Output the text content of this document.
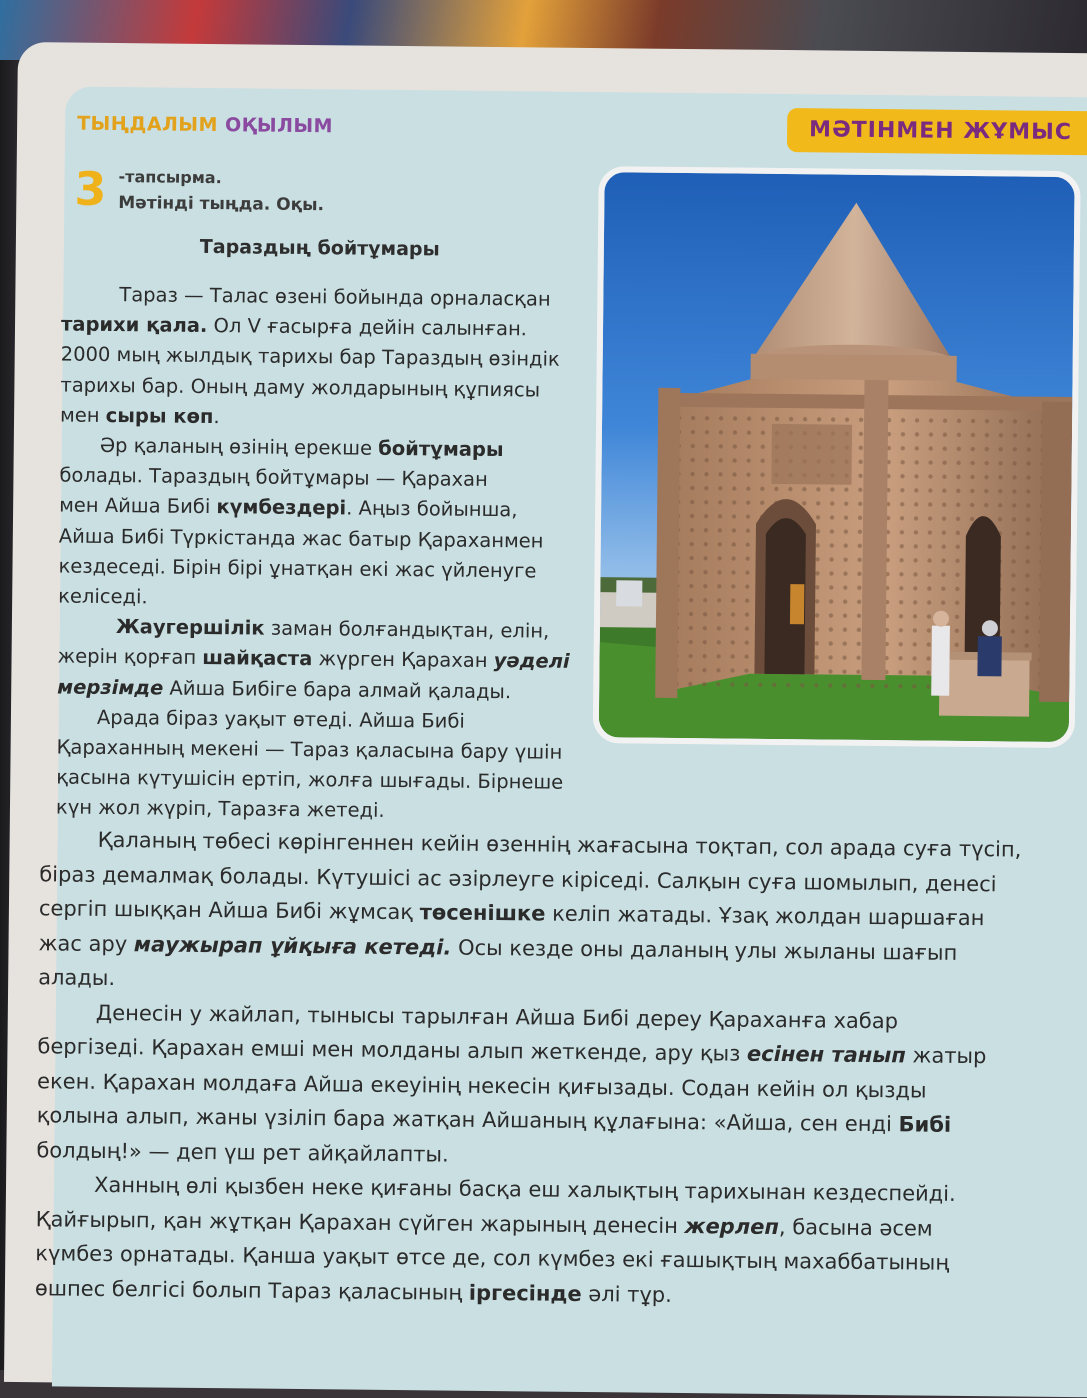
ТЫҢДАЛЫМ ОҚЫЛЫМ	МӘТІНМЕН ЖҰМЫС
3 -тапсырма.
Мәтінді тыңда. Оқы.
Тараздың бойтұмары
Тараз — Талас өзені бойында орналасқан
тарихи қала. Ол V ғасырға дейін салынған.
2000 мың жылдық тарихы бар Тараздың өзіндік
тарихы бар. Оның даму жолдарының құпиясы
мен сыры көп.
Әр қаланың өзінің ерекше бойтұмары
болады. Тараздың бойтұмары — Қарахан
мен Айша Бибі күмбездері. Аңыз бойынша,
Айша Бибі Түркістанда жас батыр Қараханмен
кездеседі. Бірін бірі ұнатқан екі жас үйленуге
келіседі.
Жаугершілік заман болғандықтан, елін,
жерін қорғап шайқаста жүрген Қарахан уәделі
мерзімде Айша Бибіге бара алмай қалады.
Арада біраз уақыт өтеді. Айша Бибі
Қараханның мекені — Тараз қаласына бару үшін
қасына күтушісін ертіп, жолға шығады. Бірнеше
күн жол жүріп, Таразға жетеді.
Қаланың төбесі көрінгеннен кейін өзеннің жағасына тоқтап, сол арада суға түсіп,
біраз демалмақ болады. Күтушісі ас әзірлеуге кіріседі. Салқын суға шомылып, денесі
сергіп шыққан Айша Бибі жұмсақ төсенішке келіп жатады. Ұзақ жолдан шаршаған
жас ару маужырап ұйқыға кетеді. Осы кезде оны даланың улы жыланы шағып
алады.
Денесін у жайлап, тынысы тарылған Айша Бибі дереу Қараханға хабар
бергізеді. Қарахан емші мен молданы алып жеткенде, ару қыз есінен танып жатыр
екен. Қарахан молдаға Айша екеуінің некесін қиғызады. Содан кейін ол қызды
қолына алып, жаны үзіліп бара жатқан Айшаның құлағына: «Айша, сен енді Бибі
болдың!» — деп үш рет айқайлапты.
Ханның өлі қызбен неке қиғаны басқа еш халықтың тарихынан кездеспейді.
Қайғырып, қан жұтқан Қарахан сүйген жарының денесін жерлеп, басына әсем
күмбез орнатады. Қанша уақыт өтсе де, сол күмбез екі ғашықтың махаббатының
өшпес белгісі болып Тараз қаласының іргесінде әлі тұр.
